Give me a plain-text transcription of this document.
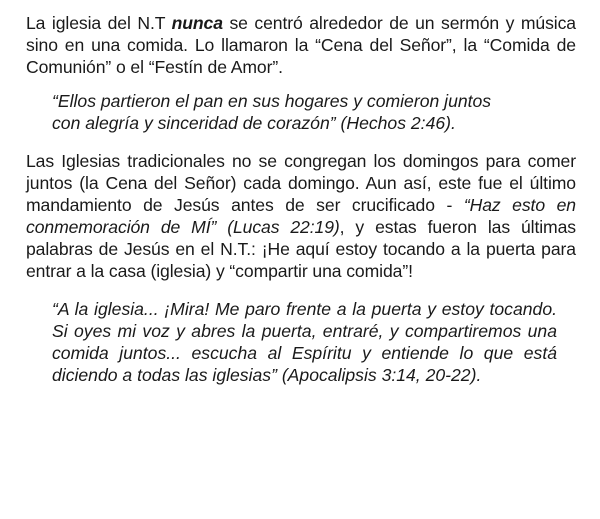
La iglesia del N.T nunca se centró alrededor de un sermón y música sino en una comida. Lo llamaron la “Cena del Señor”, la “Comida de Comunión” o el “Festín de Amor”.

“Ellos partieron el pan en sus hogares y comieron juntos con alegría y sinceridad de corazón” (Hechos 2:46).

Las Iglesias tradicionales no se congregan los domingos para comer juntos (la Cena del Señor) cada domingo. Aun así, este fue el último mandamiento de Jesús antes de ser crucificado - “Haz esto en conmemoración de MÍ” (Lucas 22:19), y estas fueron las últimas palabras de Jesús en el N.T.: ¡He aquí estoy tocando a la puerta para entrar a la casa (iglesia) y “compartir una comida”!

“A la iglesia... ¡Mira! Me paro frente a la puerta y estoy tocando. Si oyes mi voz y abres la puerta, entraré, y compartiremos una comida juntos... escucha al Espíritu y entiende lo que está diciendo a todas las iglesias” (Apocalipsis 3:14, 20-22).
